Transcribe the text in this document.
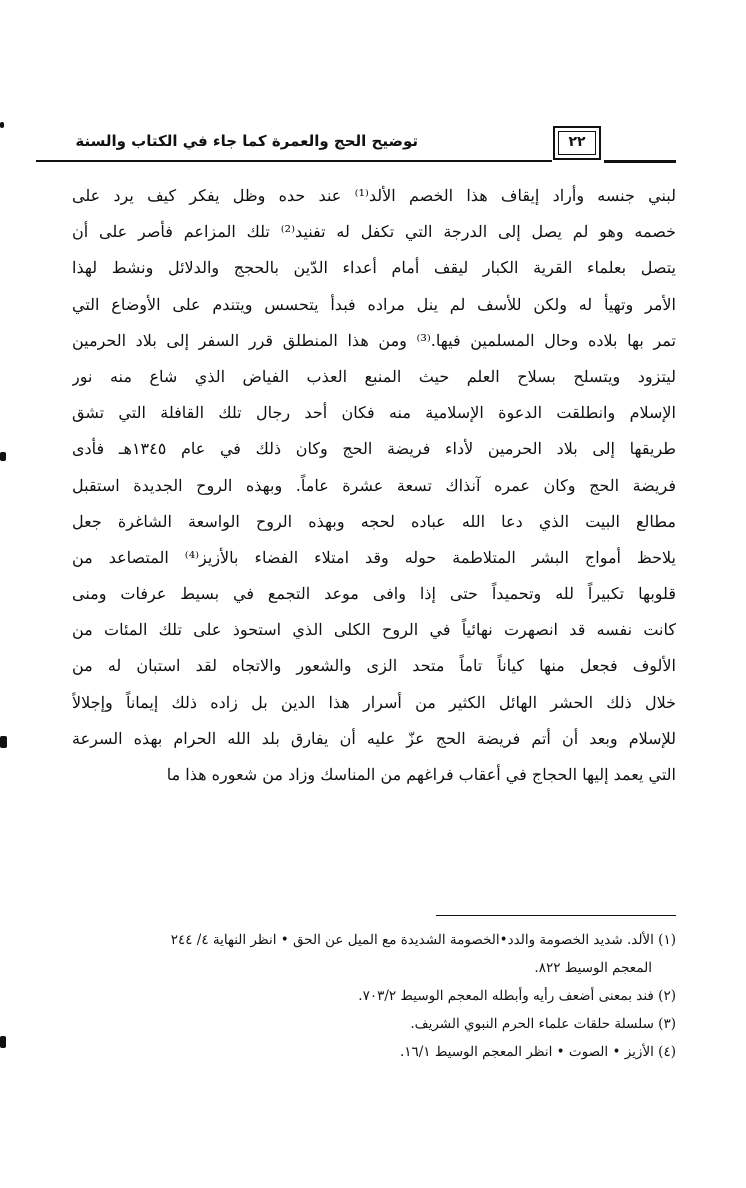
توضيح الحج والعمرة كما جاء في الكتاب والسنة	٢٢
لبني جنسه وأراد إيقاف هذا الخصم الألد⁽¹⁾ عند حده وظل يفكر كيف يرد على
خصمه وهو لم يصل إلى الدرجة التي تكفل له تفنيد⁽²⁾ تلك المزاعم فأصر على أن
يتصل بعلماء القرية الكبار ليقف أمام أعداء الدّين بالحجج والدلائل ونشط لهذا
الأمر وتهيأ له ولكن للأسف لم ينل مراده فبدأ يتحسس ويتندم على الأوضاع التي
تمر بها بلاده وحال المسلمين فيها.⁽³⁾ ومن هذا المنطلق قرر السفر إلى بلاد الحرمين
ليتزود ويتسلح بسلاح العلم حيث المنبع العذب الفياض الذي شاع منه نور
الإسلام وانطلقت الدعوة الإسلامية منه فكان أحد رجال تلك القافلة التي تشق
طريقها إلى بلاد الحرمين لأداء فريضة الحج وكان ذلك في عام ١٣٤٥هـ فأدى
فريضة الحج وكان عمره آنذاك تسعة عشرة عاماً. وبهذه الروح الجديدة استقبل
مطالع البيت الذي دعا الله عباده لحجه وبهذه الروح الواسعة الشاغرة جعل
يلاحظ أمواج البشر المتلاطمة حوله وقد امتلاء الفضاء بالأزيز⁽⁴⁾ المتصاعد من
قلوبها تكبيراً لله وتحميداً حتى إذا وافى موعد التجمع في بسيط عرفات ومنى
كانت نفسه قد انصهرت نهائياً في الروح الكلى الذي استحوذ على تلك المئات من
الألوف فجعل منها كياناً تاماً متحد الزى والشعور والاتجاه لقد استبان له من
خلال ذلك الحشر الهائل الكثير من أسرار هذا الدين بل زاده ذلك إيماناً وإجلالاً
للإسلام وبعد أن أتم فريضة الحج عزّ عليه أن يفارق بلد الله الحرام بهذه السرعة
التي يعمد إليها الحجاج في أعقاب فراغهم من المناسك وزاد من شعوره هذا ما
(١) الألد. شديد الخصومة والدد•الخصومة الشديدة مع الميل عن الحق • انظر النهاية ٤/ ٢٤٤
المعجم الوسيط ٨٢٢.
(٢) فند بمعنى أضعف رأيه وأبطله المعجم الوسيط ٧٠٣/٢.
(٣) سلسلة حلقات علماء الحرم النبوي الشريف.
(٤) الأزيز • الصوت • انظر المعجم الوسيط ١٦/١.
